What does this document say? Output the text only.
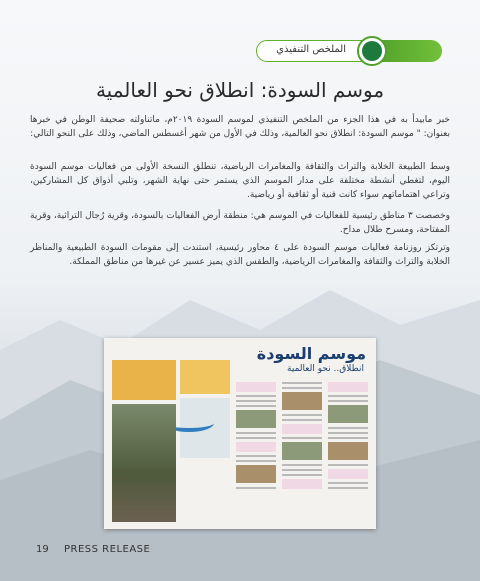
الملخص التنفيذي
موسم السودة: انطلاق نحو العالمية
خبر مابيدأ به في هذا الجزء من الملخص التنفيذي لموسم السودة ٢٠١٩م، ماتناولته صحيفة الوطن في خبرها بعنوان: " موسم السودة: انطلاق نحو العالمية، وذلك في الأول من شهر أغسطس الماضي، وذلك على النحو التالي:
وسط الطبيعة الخلابة والتراث والثقافة والمغامرات الرياضية، تنطلق النسخة الأولى من فعاليات موسم السودة اليوم، لتغطي أنشطة مختلفة على مدار الموسم الذي يستمر حتى نهاية الشهر، وتلبي أذواق كل المشاركين، وتراعي اهتماماتهم سواء كانت فنية أو ثقافية أو رياضية.
وخصصت ٣ مناطق رئيسية للفعاليات في الموسم هي: منطقة أرض الفعاليات بالسودة، وقرية رُجال التراثية، وقرية المفتاحة، ومسرح طلال مداح.
وترتكز روزنامة فعاليات موسم السودة على ٤ محاور رئيسية، استندت إلى مقومات السودة الطبيعية والمناظر الخلابة والتراث والثقافة والمغامرات الرياضية، والطقس الذي يميز عسير عن غيرها من مناطق المملكة.
موسم السودة
انطلاق.. نحو العالمية
19 PRESS RELEASE
